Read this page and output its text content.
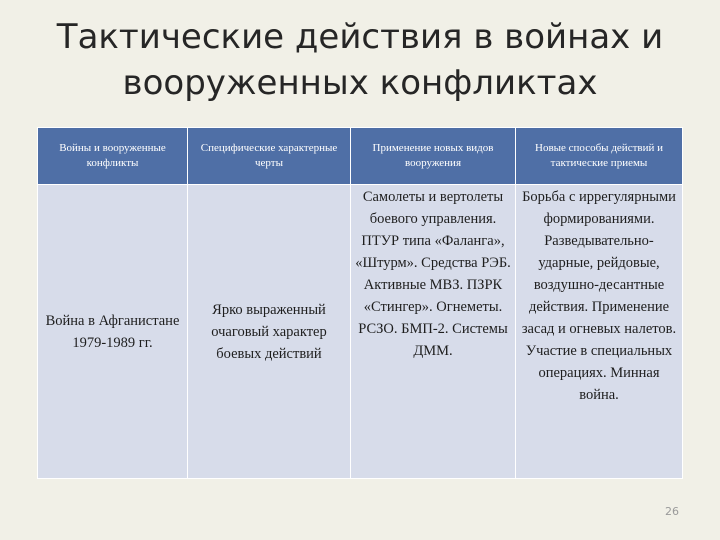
Тактические действия в войнах и
вооруженных конфликтах
Войны и вооруженные конфликты	Специфические характерные черты	Применение новых видов вооружения	Новые способы действий и тактические приемы
Война в Афганистане 1979-1989 гг.	Ярко выраженный очаговый характер боевых действий	Самолеты и вертолеты боевого управления. ПТУР типа «Фаланга», «Штурм». Средства РЭБ. Активные МВЗ. ПЗРК «Стингер». Огнеметы. РСЗО. БМП-2. Системы ДММ.	Борьба с иррегулярными формированиями. Разведывательно-ударные, рейдовые, воздушно-десантные действия. Применение засад и огневых налетов. Участие в специальных операциях. Минная война.
26
